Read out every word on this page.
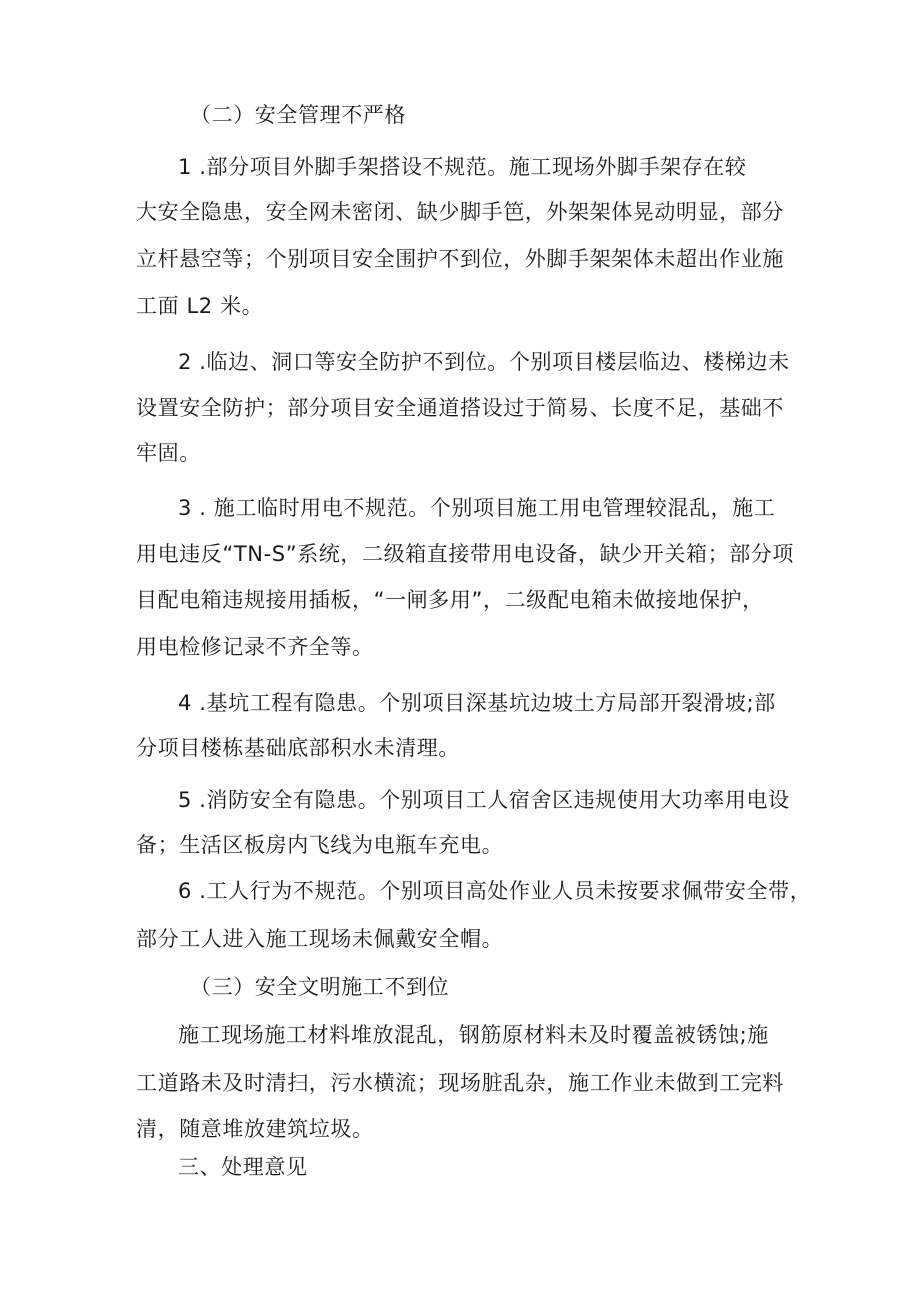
（二）安全管理不严格
1 .部分项目外脚手架搭设不规范。施工现场外脚手架存在较
大安全隐患，安全网未密闭、缺少脚手笆，外架架体晃动明显，部分
立杆悬空等；个别项目安全围护不到位，外脚手架架体未超出作业施
工面 L2 米。
2 .临边、洞口等安全防护不到位。个别项目楼层临边、楼梯边未
设置安全防护；部分项目安全通道搭设过于简易、长度不足，基础不
牢固。
3 . 施工临时用电不规范。个别项目施工用电管理较混乱，施工
用电违反“TN-S”系统，二级箱直接带用电设备，缺少开关箱；部分项
目配电箱违规接用插板，“一闸多用”，二级配电箱未做接地保护，
用电检修记录不齐全等。
4 .基坑工程有隐患。个别项目深基坑边坡土方局部开裂滑坡;部
分项目楼栋基础底部积水未清理。
5 .消防安全有隐患。个别项目工人宿舍区违规使用大功率用电设
备；生活区板房内飞线为电瓶车充电。
6 .工人行为不规范。个别项目高处作业人员未按要求佩带安全带，
部分工人进入施工现场未佩戴安全帽。
（三）安全文明施工不到位
施工现场施工材料堆放混乱，钢筋原材料未及时覆盖被锈蚀;施
工道路未及时清扫，污水横流；现场脏乱杂，施工作业未做到工完料
清，随意堆放建筑垃圾。
三、处理意见
